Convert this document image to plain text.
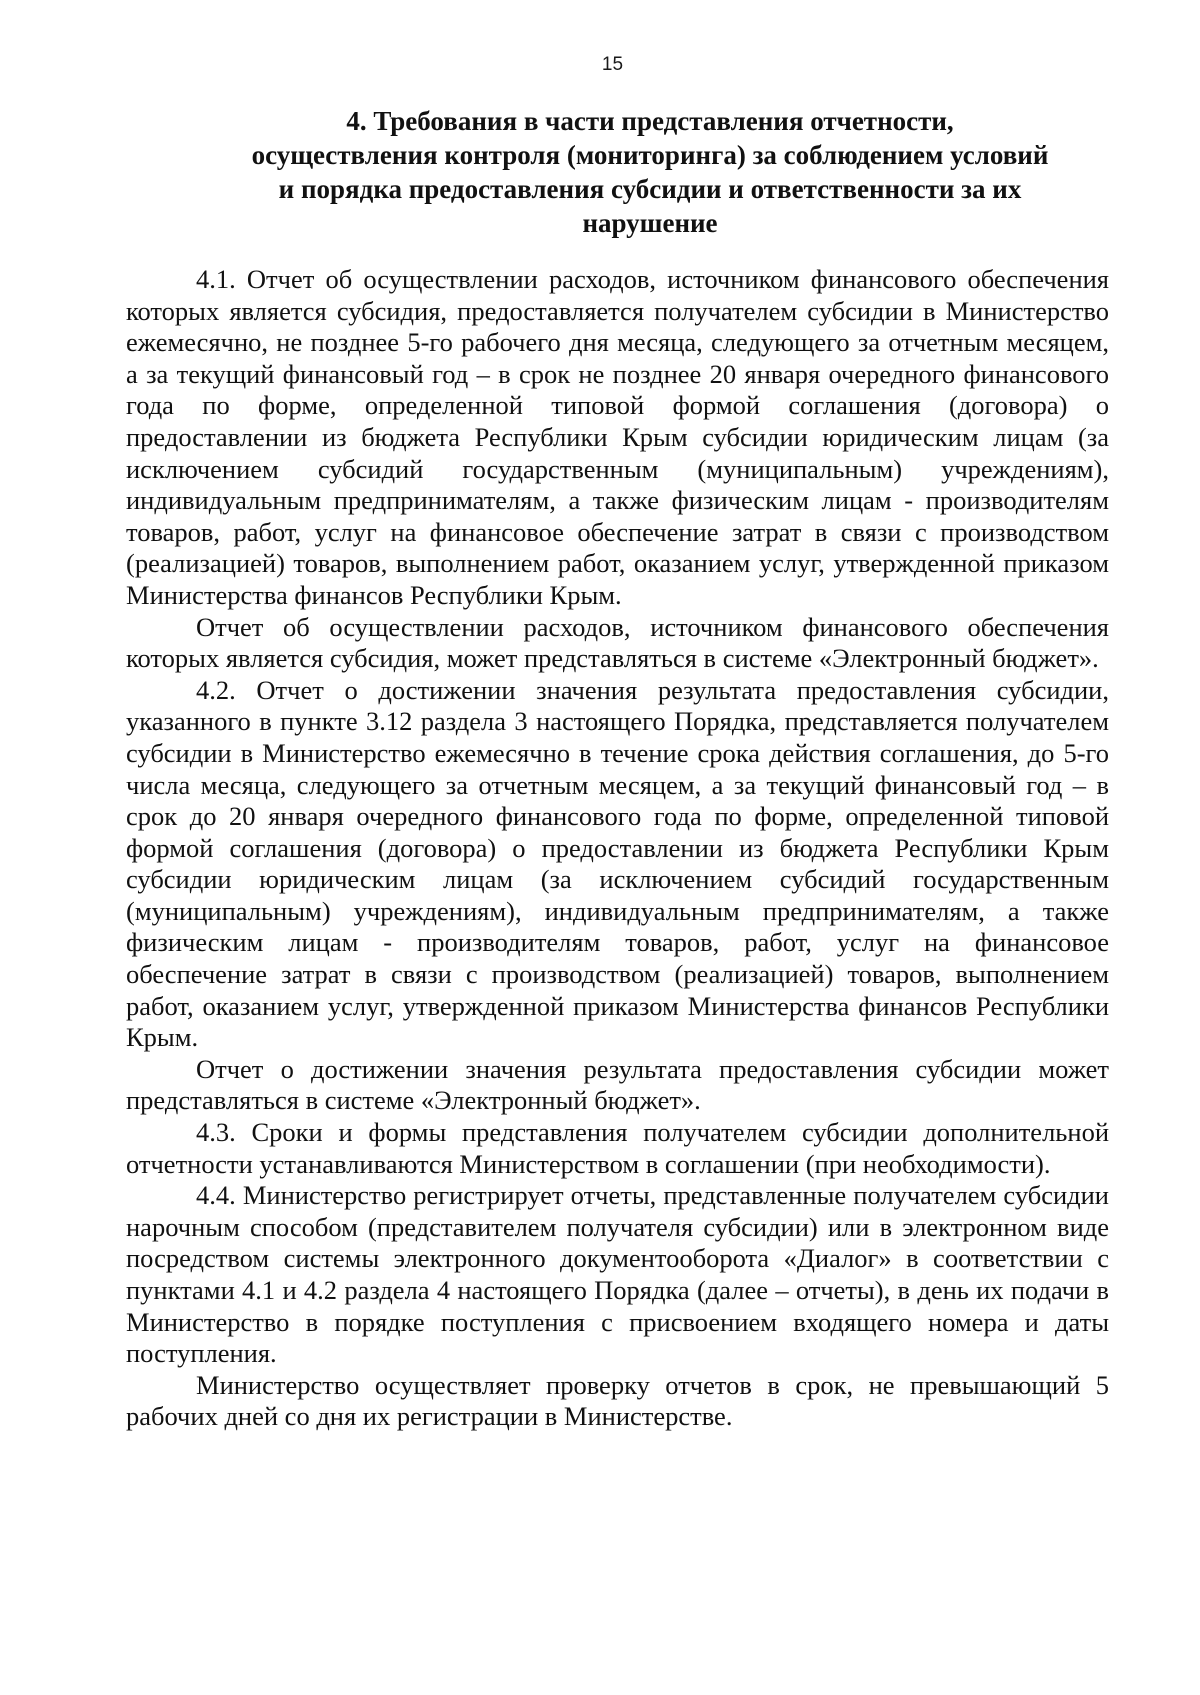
15
4. Требования в части представления отчетности,
осуществления контроля (мониторинга) за соблюдением условий
и порядка предоставления субсидии и ответственности за их
нарушение

4.1. Отчет об осуществлении расходов, источником финансового обеспечения которых является субсидия, предоставляется получателем субсидии в Министерство ежемесячно, не позднее 5-го рабочего дня месяца, следующего за отчетным месяцем, а за текущий финансовый год – в срок не позднее 20 января очередного финансового года по форме, определенной типовой формой соглашения (договора) о предоставлении из бюджета Республики Крым субсидии юридическим лицам (за исключением субсидий государственным (муниципальным) учреждениям), индивидуальным предпринимателям, а также физическим лицам - производителям товаров, работ, услуг на финансовое обеспечение затрат в связи с производством (реализацией) товаров, выполнением работ, оказанием услуг, утвержденной приказом Министерства финансов Республики Крым.

Отчет об осуществлении расходов, источником финансового обеспечения которых является субсидия, может представляться в системе «Электронный бюджет».

4.2. Отчет о достижении значения результата предоставления субсидии, указанного в пункте 3.12 раздела 3 настоящего Порядка, представляется получателем субсидии в Министерство ежемесячно в течение срока действия соглашения, до 5-го числа месяца, следующего за отчетным месяцем, а за текущий финансовый год – в срок до 20 января очередного финансового года по форме, определенной типовой формой соглашения (договора) о предоставлении из бюджета Республики Крым субсидии юридическим лицам (за исключением субсидий государственным (муниципальным) учреждениям), индивидуальным предпринимателям, а также физическим лицам - производителям товаров, работ, услуг на финансовое обеспечение затрат в связи с производством (реализацией) товаров, выполнением работ, оказанием услуг, утвержденной приказом Министерства финансов Республики Крым.

Отчет о достижении значения результата предоставления субсидии может представляться в системе «Электронный бюджет».

4.3. Сроки и формы представления получателем субсидии дополнительной отчетности устанавливаются Министерством в соглашении (при необходимости).

4.4. Министерство регистрирует отчеты, представленные получателем субсидии нарочным способом (представителем получателя субсидии) или в электронном виде посредством системы электронного документооборота «Диалог» в соответствии с пунктами 4.1 и 4.2 раздела 4 настоящего Порядка (далее – отчеты), в день их подачи в Министерство в порядке поступления с присвоением входящего номера и даты поступления.

Министерство осуществляет проверку отчетов в срок, не превышающий 5 рабочих дней со дня их регистрации в Министерстве.
